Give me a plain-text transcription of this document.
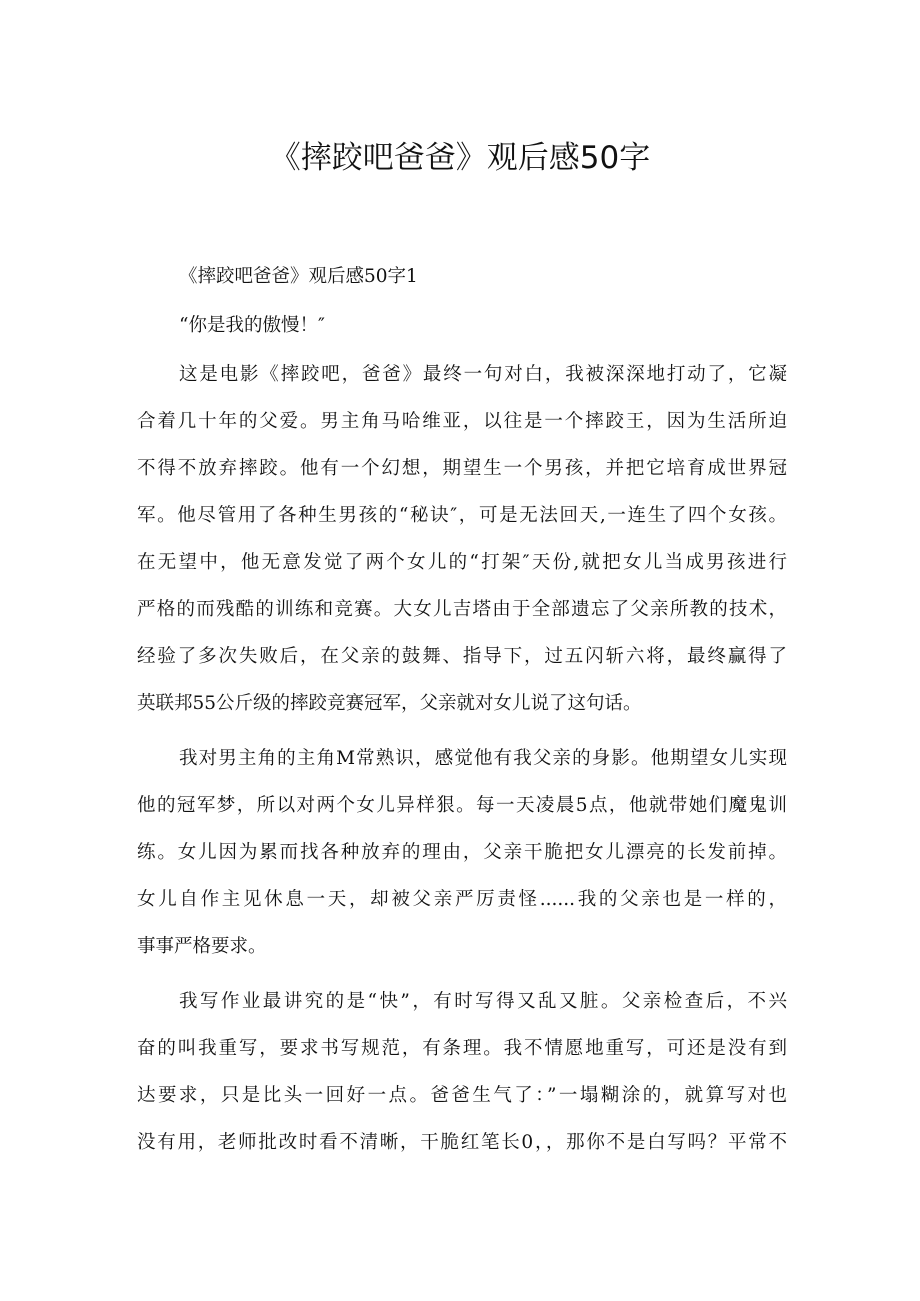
《摔跤吧爸爸》观后感50字
《摔跤吧爸爸》观后感50字1
“你是我的傲慢！″
这是电影《摔跤吧，爸爸》最终一句对白，我被深深地打动了，它凝
合着几十年的父爱。男主角马哈维亚，以往是一个摔跤王，因为生活所迫
不得不放弃摔跤。他有一个幻想，期望生一个男孩，并把它培育成世界冠
军。他尽管用了各种生男孩的“秘诀″，可是无法回天,一连生了四个女孩。
在无望中，他无意发觉了两个女儿的“打架″天份,就把女儿当成男孩进行
严格的而残酷的训练和竞赛。大女儿吉塔由于全部遗忘了父亲所教的技术，
经验了多次失败后，在父亲的鼓舞、指导下，过五闪斩六将，最终赢得了
英联邦55公斤级的摔跤竞赛冠军，父亲就对女儿说了这句话。
我对男主角的主角M常熟识，感觉他有我父亲的身影。他期望女儿实现
他的冠军梦，所以对两个女儿异样狠。每一天凌晨5点，他就带她们魔鬼训
练。女儿因为累而找各种放弃的理由，父亲干脆把女儿漂亮的长发前掉。
女儿自作主见休息一天，却被父亲严厉责怪......我的父亲也是一样的，
事事严格要求。
我写作业最讲究的是“快”，有时写得又乱又脏。父亲检查后，不兴
奋的叫我重写，要求书写规范，有条理。我不情愿地重写，可还是没有到
达要求，只是比头一回好一点。爸爸生气了：”一塌糊涂的，就算写对也
没有用，老师批改时看不清晰，干脆红笔长0，，那你不是白写吗？平常不
